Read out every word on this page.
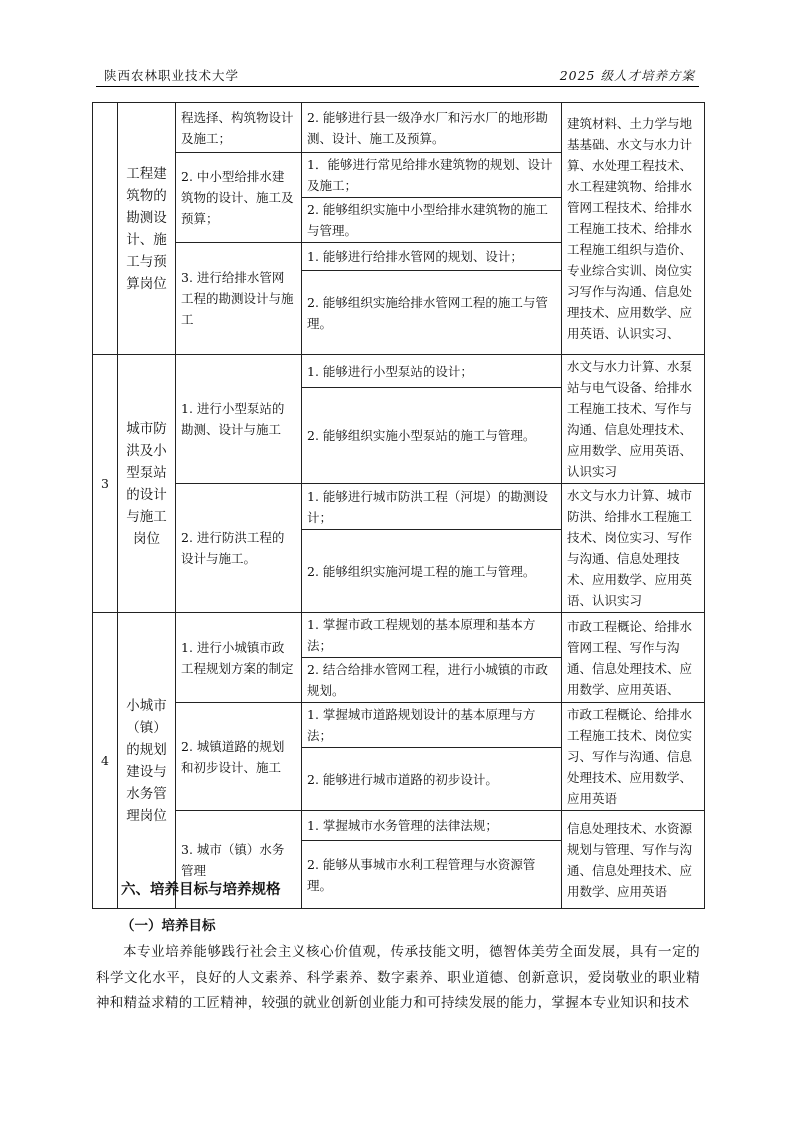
陕西农林职业技术大学	2025 级人才培养方案
	工程建筑物的勘测设计、施工与预算岗位	程选择、构筑物设计及施工；	2. 能够进行县一级净水厂和污水厂的地形勘测、设计、施工及预算。	建筑材料、土力学与地基基础、水文与水力计算、水处理工程技术、水工程建筑物、给排水管网工程技术、给排水工程施工技术、给排水工程施工组织与造价、专业综合实训、岗位实习写作与沟通、信息处理技术、应用数学、应用英语、认识实习、
		2. 中小型给排水建筑物的设计、施工及预算；	1．能够进行常见给排水建筑物的规划、设计及施工；	
			2. 能够组织实施中小型给排水建筑物的施工与管理。	
		3. 进行给排水管网工程的勘测设计与施工	1. 能够进行给排水管网的规划、设计；	
			2. 能够组织实施给排水管网工程的施工与管理。	
3	城市防洪及小型泵站的设计与施工岗位	1. 进行小型泵站的勘测、设计与施工	1. 能够进行小型泵站的设计；	水文与水力计算、水泵站与电气设备、给排水工程施工技术、写作与沟通、信息处理技术、应用数学、应用英语、认识实习
			2. 能够组织实施小型泵站的施工与管理。	
		2. 进行防洪工程的设计与施工。	1. 能够进行城市防洪工程（河堤）的勘测设计；	水文与水力计算、城市防洪、给排水工程施工技术、岗位实习、写作与沟通、信息处理技术、应用数学、应用英语、认识实习
			2. 能够组织实施河堤工程的施工与管理。	
4	小城市（镇）的规划建设与水务管理岗位	1. 进行小城镇市政工程规划方案的制定	1. 掌握市政工程规划的基本原理和基本方法；	市政工程概论、给排水管网工程、写作与沟通、信息处理技术、应用数学、应用英语、
			2. 结合给排水管网工程，进行小城镇的市政规划。	
		2. 城镇道路的规划和初步设计、施工	1. 掌握城市道路规划设计的基本原理与方法；	市政工程概论、给排水工程施工技术、岗位实习、写作与沟通、信息处理技术、应用数学、应用英语
			2. 能够进行城市道路的初步设计。	
		3. 城市（镇）水务管理	1. 掌握城市水务管理的法律法规；	信息处理技术、水资源规划与管理、写作与沟通、信息处理技术、应用数学、应用英语
			2. 能够从事城市水利工程管理与水资源管理。	
六、培养目标与培养规格
（一）培养目标
本专业培养能够践行社会主义核心价值观，传承技能文明，德智体美劳全面发展，具有一定的科学文化水平，良好的人文素养、科学素养、数字素养、职业道德、创新意识，爱岗敬业的职业精神和精益求精的工匠精神，较强的就业创新创业能力和可持续发展的能力，掌握本专业知识和技术
